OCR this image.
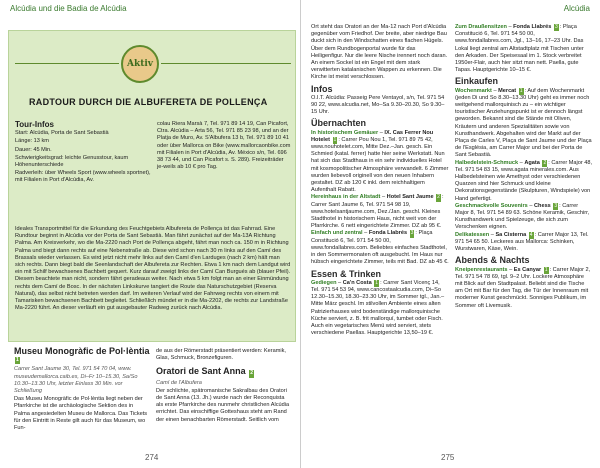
Alcúdia und die Badia de Alcúdia
Aktiv
RADTOUR DURCH DIE ALBUFERETA DE POLLENÇA
Tour-Infos

Start: Alcúdia, Porta de Sant Sebastià

Länge: 13 km

Dauer: 45 Min.

Schwierigkeitsgrad: leichte Genusstour, kaum Höhenunterschiede

Radverleih: über Wheels Sport (www.wheels sportnet), mit Filialen in Port d'Alcúdia, Av.

colau Riera Marsà 7, Tel. 971 89 14 19, Can Picafort, Ctra. Alcúdia – Arta 56, Tel. 971 85 23 98, und an der Platja de Muro, Av. S'Albufera 13 b, Tel. 971 89 10 41 oder über Mallorca on Bike (www.mallorcaonbike.com mit Filialen in Port d'Alcúdia, Av. México s/n, Tel. 696 38 73 44, und Can Picafort s. S. 289). Freizeiträder je-weils ab 10 € pro Tag.

Ideales Transportmittel für die Erkundung des Feuchtgebiets Albufereta de Pollença ist das Fahrrad. Eine Rundtour beginnt in Alcúdia vor der Porta de Sant Sebastià. Man fährt zunächst auf der Ma-13A Richtung Palma. Am Kreisverkehr, wo die Ma-2220 nach Port de Pollença abgeht, fährt man noch ca. 150 m in Richtung Palma und biegt dann rechts auf eine Nebenstraße ab. Diese wird schon nach 30 m links auf den Camí des Brassals wieder verlassen. Es wird jetzt nicht mehr links auf den Camí d'en Larduges (nach 2 km) hält man sich rechts. Dann biegt bald die Seenlandschaft der Albufereta zur Rechten. Etwa 1 km nach dem Landgut wird ein mit Schilf bewachsenes Bachbett gequert. Kurz darauf zweigt links der Camí Can Burgués ab (blauer Pfeil). Diesem beachtete man nicht, sondern fährt geradeaus weiter. Nach etwa 5 km folgt man an einer Einmündung rechts dem Camí de Bosc. In der nächsten Linkskurve tangiert die Route das Naturschutzgebiet (Reserva Natural), das selbst nicht betreten werden darf. Im weiteren Verlauf wird der Fahrweg rechts von einem mit Tamarisken bewachsenen Bachbett begleitet. Schließlich mündet er in die Ma-2202, die rechts zur Landstraße Ma-2220 führt. An dieser verläuft ein gut ausgebauter Radweg zurück nach Alcúdia.

Museu Monogràfic de Pol·lèntia 1

Carrer Sant Jaume 30, Tel. 971 54 70 04, www. museudemallorca.caib.es, Di–Fr 10–15.30, Sa/So 10.30–13.30 Uhr, letzter Einlass 30 Min. vor Schließung

Das Museu Monogràfic de Pol·lèntia liegt neben der Pfarrkirche ist die archäologische Sektion des in Palma angesiedelten Museu de Mallorca. Das Tickets für den Eintritt in Reste gilt auch für das Museum, wo Fun-

de aus der Römerstadt präsentiert werden: Keramik, Glas, Schmuck, Bronzefiguren.

Oratori de Sant Anna 2

Camí de l'Albufera

Der schlichte, spätromanische Sakralbau des Oratori de Sant Anna (13. Jh.) wurde nach der Reconquista als erste Pfarrkirche des nunmehr christlichen Alcúdia errichtet. Das einschiffige Gotteshaus steht am Rand der einen benachbarten Römerstadt. Seitlich vom

274
Alcúdia

Ort steht das Oratori an der Ma-12 nach Port d'Alcúdia gegenüber vom Friedhof. Der breite, aber niedrige Bau duckt sich in den Windschatten eines flachen Hügels. Über dem Rundbogenportal wurde für das Heiligenfigur. Nur die leere Nische irennert noch daran. An einem Sockel ist ein Engel mit dem stark verwitterten katalanischen Wappen zu erkennen. Die Kirche ist meist verschlossen.

Infos

O.I.T. Alcúdia: Passeig Pere Ventayol, s/n, Tel. 971 54 90 22, www.alcudia.net, Mo–Sa 9.30–20.30, So 9.30–15 Uhr.

Übernachten

In historischem Gemäuer – IX. Cas Ferrer Nou Hotelet 1 : Carrer Pou Nou 1, Tel. 971 89 75 42, www.nouhotelet.com, Mitte Dez.–Jan. gesch. Ein Schmied (katal. ferrer) hatte hier seine Werkstatt. Nun hat sich das Stadthaus in ein sehr individuelles Hotel mit kosmopolitischer Atmosphäre verwandelt. 6 Zimmer wurden liebevoll originell von den neuen Inhabern gestaltet. DZ ab 120 € inkl. dem reichhaltigem Aufenthalt Rabatt.

Hereinhaus in der Altstadt – Hotel Sant Jaume 2 : Carrer Sant Jaume 6, Tel. 971 54 98 19, www.hotelsantjaume.com, Dez./Jan. geschl. Kleines Stadthotel in historischem Haus, nicht weit von der Pfarrkirche. 6 nett eingerichtete Zimmer. DZ ab 95 €.

Einfach und zentral – Fonda Llabrés 3 : Plaça Constitució 6, Tel. 971 54 50 00, www.fondallabres.com. Beliebtes einfaches Stadthotel, in den Sommermonaten oft ausgebucht. Im Haus nur hübsch eingerichtete Zimmer, teils mit Bad. DZ ab 45 €.

Essen & Trinken

Gediegen – Ca'n Costa 1 : Carrer Sant Vicenç 14, Tel. 971 54 53 94, www.cancostaalcudia.com, Di–So 12.30–15.30, 18.30–23.30 Uhr, im Sommer tgl., Jan.–Mitte März geschl. Im stilvollen Ambiente eines alten Patrizierhauses wird bodenständige mallorquinische Küche serviert, z. B. frit mallorquí, tumbet oder Fisch. Auch ein vegetarisches Menü wird serviert, stets verschiedene Paellas. Hauptgerichte 13,50–19 €.

Zum Draußensitzen – Fonda Llabrés 3 : Plaça Constitució 6, Tel. 971 54 50 00, www.fondallabres.com, Jgl., 13–16, 17–23 Uhr. Das Lokal liegt zentral am Altstadtplatz mit Tischen unter den Arkaden. Der Speisesaal im 1. Stock verbreitet 1950er-Flair, auch hier sitzt man nett. Paella, gute Tapas. Hauptgerichte 10–15 €.

Einkaufen

Wochenmarkt – Mercat 1 : Auf dem Wochenmarkt (jeden Di und So 8.30–13.30 Uhr) geht es immer noch weitgehend mallorquinisch zu – ein wichtiger touristischer Anziehungspunkt ist er dennoch längst geworden. Bekannt sind die Stände mit Oliven, Kräutern und anderen Spezialitäten sowie von Kunsthandwerk. Abgehalten wird der Markt auf der Plaça de Carles V, Plaça de Sant Jaume und der Plaça de l'Església, am Carrer Major und bei der Porta de Sant Sebastià.

Halbedelstein-Schmuck – Agata 2 : Carrer Major 48, Tel. 971 54 83 15, www.agata minerales.com. Aus Halbedelsteinen wie Amethyst oder verschiedenen Quarzen sind hier Schmuck und kleine Dekorationsgegenstände (Skulpturen, Windspiele) von Hand gefertigt.

Geschmackvolle Souvenirs – Chess 3 : Carrer Major 8, Tel. 971 54 89 63. Schöne Keramik, Geschirr, Kunsthandwerk und Spielzeuge, die sich zum Verschenken eignen.

Delikatessen – Sa Cisterna 4 : Carrer Major 13, Tel. 971 54 65 50. Leckeres aus Mallorca: Schinken, Wurstwaren, Käse, Wein.

Abends & Nachts

Kneipenrestaurants – Es Canyar 1 : Carrer Major 2, Tel. 971 54 78 69, tgl. 9–2 Uhr. Lockere Atmosphäre mit Blick auf den Stadtpalast. Beliebt sind die Tische am Ort mit Bar für den Tag, die Tür der Innenraum mit moderner Kunst geschmückt. Sonniges Publikum, im Sommer oft Livemusik.

275
